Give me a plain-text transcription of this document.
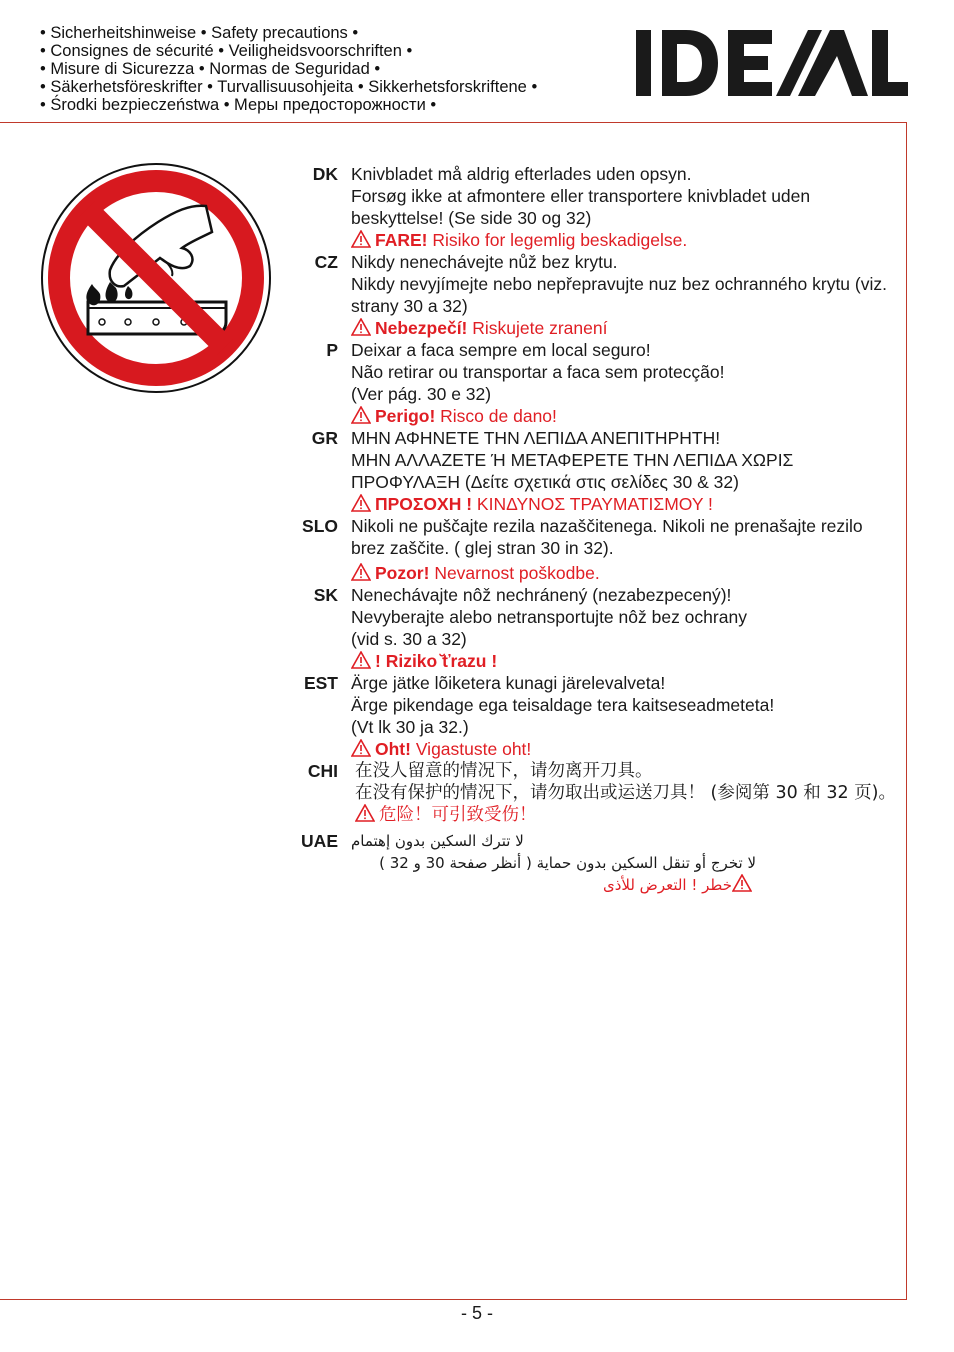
• Sicherheitshinweise • Safety precautions •
• Consignes de sécurité • Veiligheidsvoorschriften •
• Misure di Sicurezza • Normas de Seguridad •
• Säkerhetsföreskrifter • Turvallisuusohjeita • Sikkerhetsforskriftene •
• Środki bezpieczeństwa • Меры предосторожности •
DK Knivbladet må aldrig efterlades uden opsyn.
Forsøg ikke at afmontere eller transportere knivbladet uden beskyttelse! (Se side 30 og 32)
FARE! Risiko for legemlig beskadigelse.
CZ Nikdy nenechávejte nůž bez krytu.
Nikdy nevyjímejte nebo nepřepravujte nuz bez ochranného krytu (viz. strany 30 a 32)
Nebezpečí! Riskujete zranení
P Deixar a faca sempre em local seguro!
Não retirar ou transportar a faca sem protecção!
(Ver pág. 30 e 32)
Perigo! Risco de dano!
GR ΜΗΝ ΑΦΗΝΕΤΕ ΤΗΝ ΛΕΠΙΔΑ ΑΝΕΠΙΤΗΡΗΤΗ!
ΜΗΝ ΑΛΛΑΖΕΤΕ Ή ΜΕΤΑΦΕΡΕΤΕ ΤΗΝ ΛΕΠΙΔΑ ΧΩΡΙΣ ΠΡΟΦΥΛΑΞΗ (Δείτε σχετικά στις σελίδες 30 & 32)
ΠΡΟΣΟΧΗ ! ΚΙΝΔΥΝΟΣ ΤΡΑΥΜΑΤΙΣΜΟΥ !
SLO Nikoli ne puščajte rezila nazaščitenega. Nikoli ne prenašajte rezilo brez zaščite. ( glej stran 30 in 32).
Pozor! Nevarnost poškodbe.
SK Nenechávajte nôž nechránený (nezabezpecený)!
Nevyberajte alebo netransportujte nôž bez ochrany
(vid s. 30 a 32)
! Riziko ̆ťrazu !
EST Ärge jätke lõiketera kunagi järelevalveta!
Ärge pikendage ega teisaldage tera kaitseseadmeteta!
(Vt lk 30 ja 32.)
Oht! Vigastuste oht!
CHI 在没人留意的情况下，请勿离开刀具。
在没有保护的情况下，请勿取出或运送刀具！ (参阅第 30 和 32 页)。
危险！可引致受伤！
UAE لا تترك السكين بدون إهتمام
لا تخرج أو تنقل السكين بدون حماية ( أنظر صفحة 30 و 32 )
خطر ! التعرض للأذى
- 5 -
